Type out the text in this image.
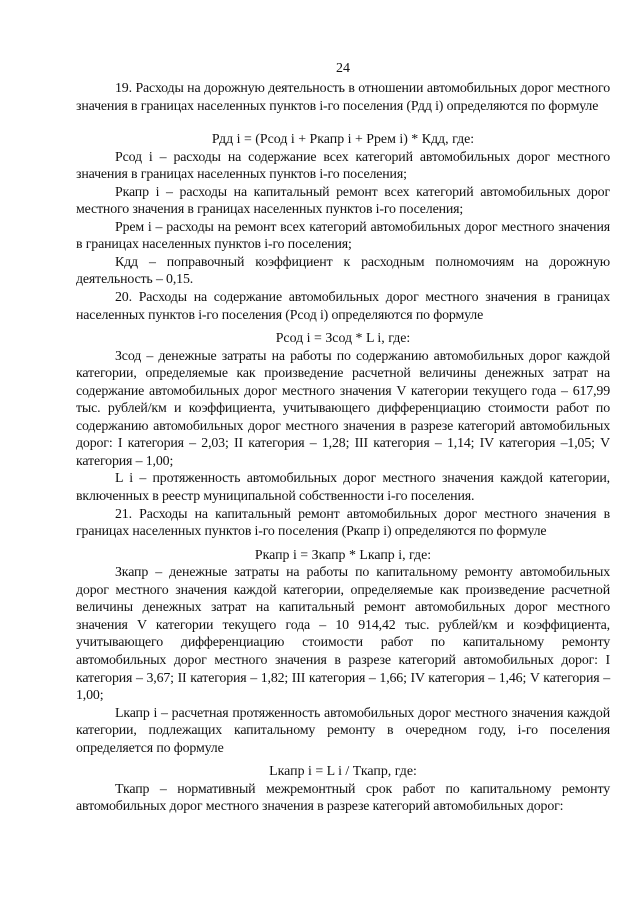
24

19. Расходы на дорожную деятельность в отношении автомобильных дорог местного значения в границах населенных пунктов i-го поселения (Рдд i) определяются по формуле

Рдд i = (Рсод i + Ркапр i + Ррем i) * Кдд, где:

Рсод i – расходы на содержание всех категорий автомобильных дорог местного значения в границах населенных пунктов i-го поселения;

Ркапр i – расходы на капитальный ремонт всех категорий автомобильных дорог местного значения в границах населенных пунктов i-го поселения;

Ррем i – расходы на ремонт всех категорий автомобильных дорог местного значения в границах населенных пунктов i-го поселения;

Кдд – поправочный коэффициент к расходным полномочиям на дорожную деятельность – 0,15.

20. Расходы на содержание автомобильных дорог местного значения в границах населенных пунктов i-го поселения (Рсод i) определяются по формуле

Рсод i = Зсод * L i, где:

Зсод – денежные затраты на работы по содержанию автомобильных дорог каждой категории, определяемые как произведение расчетной величины денежных затрат на содержание автомобильных дорог местного значения V категории текущего года – 617,99 тыс. рублей/км и коэффициента, учитывающего дифференциацию стоимости работ по содержанию автомобильных дорог местного значения в разрезе категорий автомобильных дорог: I категория – 2,03; II категория – 1,28; III категория – 1,14; IV категория –1,05; V категория – 1,00;

L i – протяженность автомобильных дорог местного значения каждой категории, включенных в реестр муниципальной собственности i-го поселения.

21. Расходы на капитальный ремонт автомобильных дорог местного значения в границах населенных пунктов i-го поселения (Ркапр i) определяются по формуле

Ркапр i = Зкапр * Lкапр i, где:

Зкапр – денежные затраты на работы по капитальному ремонту автомобильных дорог местного значения каждой категории, определяемые как произведение расчетной величины денежных затрат на капитальный ремонт автомобильных дорог местного значения V категории текущего года – 10 914,42 тыс. рублей/км и коэффициента, учитывающего дифференциацию стоимости работ по капитальному ремонту автомобильных дорог местного значения в разрезе категорий автомобильных дорог: I категория – 3,67; II категория – 1,82; III категория – 1,66; IV категория – 1,46; V категория – 1,00;

Lкапр i – расчетная протяженность автомобильных дорог местного значения каждой категории, подлежащих капитальному ремонту в очередном году, i-го поселения определяется по формуле

Lкапр i = L i / Ткапр, где:

Ткапр – нормативный межремонтный срок работ по капитальному ремонту автомобильных дорог местного значения в разрезе категорий автомобильных дорог:
